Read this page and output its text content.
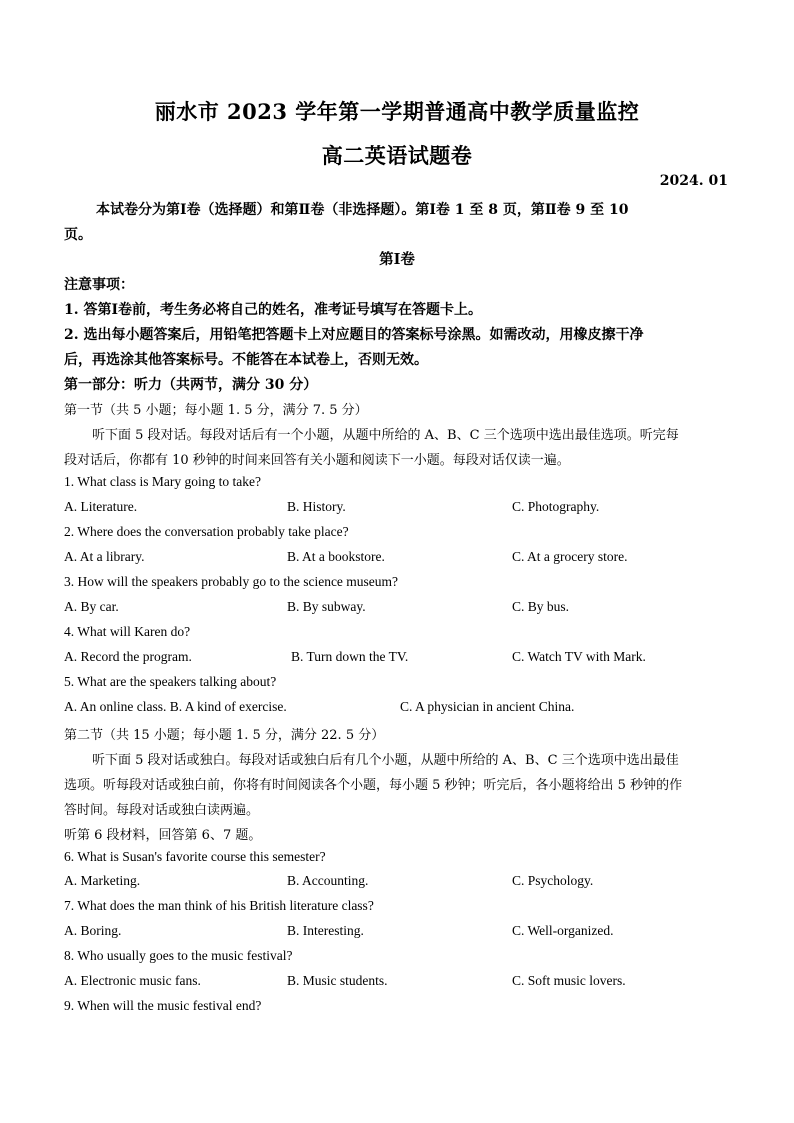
丽水市 2023 学年第一学期普通高中教学质量监控
高二英语试题卷
2024. 01
本试卷分为第Ⅰ卷（选择题）和第Ⅱ卷（非选择题）。第Ⅰ卷 1 至 8 页，第Ⅱ卷 9 至 10
页。
第Ⅰ卷
注意事项：
1. 答第Ⅰ卷前，考生务必将自己的姓名，准考证号填写在答题卡上。
2. 选出每小题答案后，用铅笔把答题卡上对应题目的答案标号涂黑。如需改动，用橡皮擦干净
后，再选涂其他答案标号。不能答在本试卷上，否则无效。
第一部分：听力（共两节，满分 30 分）
第一节（共 5 小题；每小题 1. 5 分，满分 7. 5 分）
听下面 5 段对话。每段对话后有一个小题，从题中所给的 A、B、C 三个选项中选出最佳选项。听完每
段对话后，你都有 10 秒钟的时间来回答有关小题和阅读下一小题。每段对话仅读一遍。
1. What class is Mary going to take?
A. Literature.	B. History.	C. Photography.
2. Where does the conversation probably take place?
A. At a library.	B. At a bookstore.	C. At a grocery store.
3. How will the speakers probably go to the science museum?
A. By car.	B. By subway.	C. By bus.
4. What will Karen do?
A. Record the program.	B. Turn down the TV.	C. Watch TV with Mark.
5. What are the speakers talking about?
A. An online class. B. A kind of exercise.	C. A physician in ancient China.
第二节（共 15 小题；每小题 1. 5 分，满分 22. 5 分）
听下面 5 段对话或独白。每段对话或独白后有几个小题，从题中所给的 A、B、C 三个选项中选出最佳
选项。听每段对话或独白前，你将有时间阅读各个小题，每小题 5 秒钟；听完后，各小题将给出 5 秒钟的作
答时间。每段对话或独白读两遍。
听第 6 段材料，回答第 6、7 题。
6. What is Susan's favorite course this semester?
A. Marketing.	B. Accounting.	C. Psychology.
7. What does the man think of his British literature class?
A. Boring.	B. Interesting.	C. Well-organized.
8. Who usually goes to the music festival?
A. Electronic music fans.	B. Music students.	C. Soft music lovers.
9. When will the music festival end?
